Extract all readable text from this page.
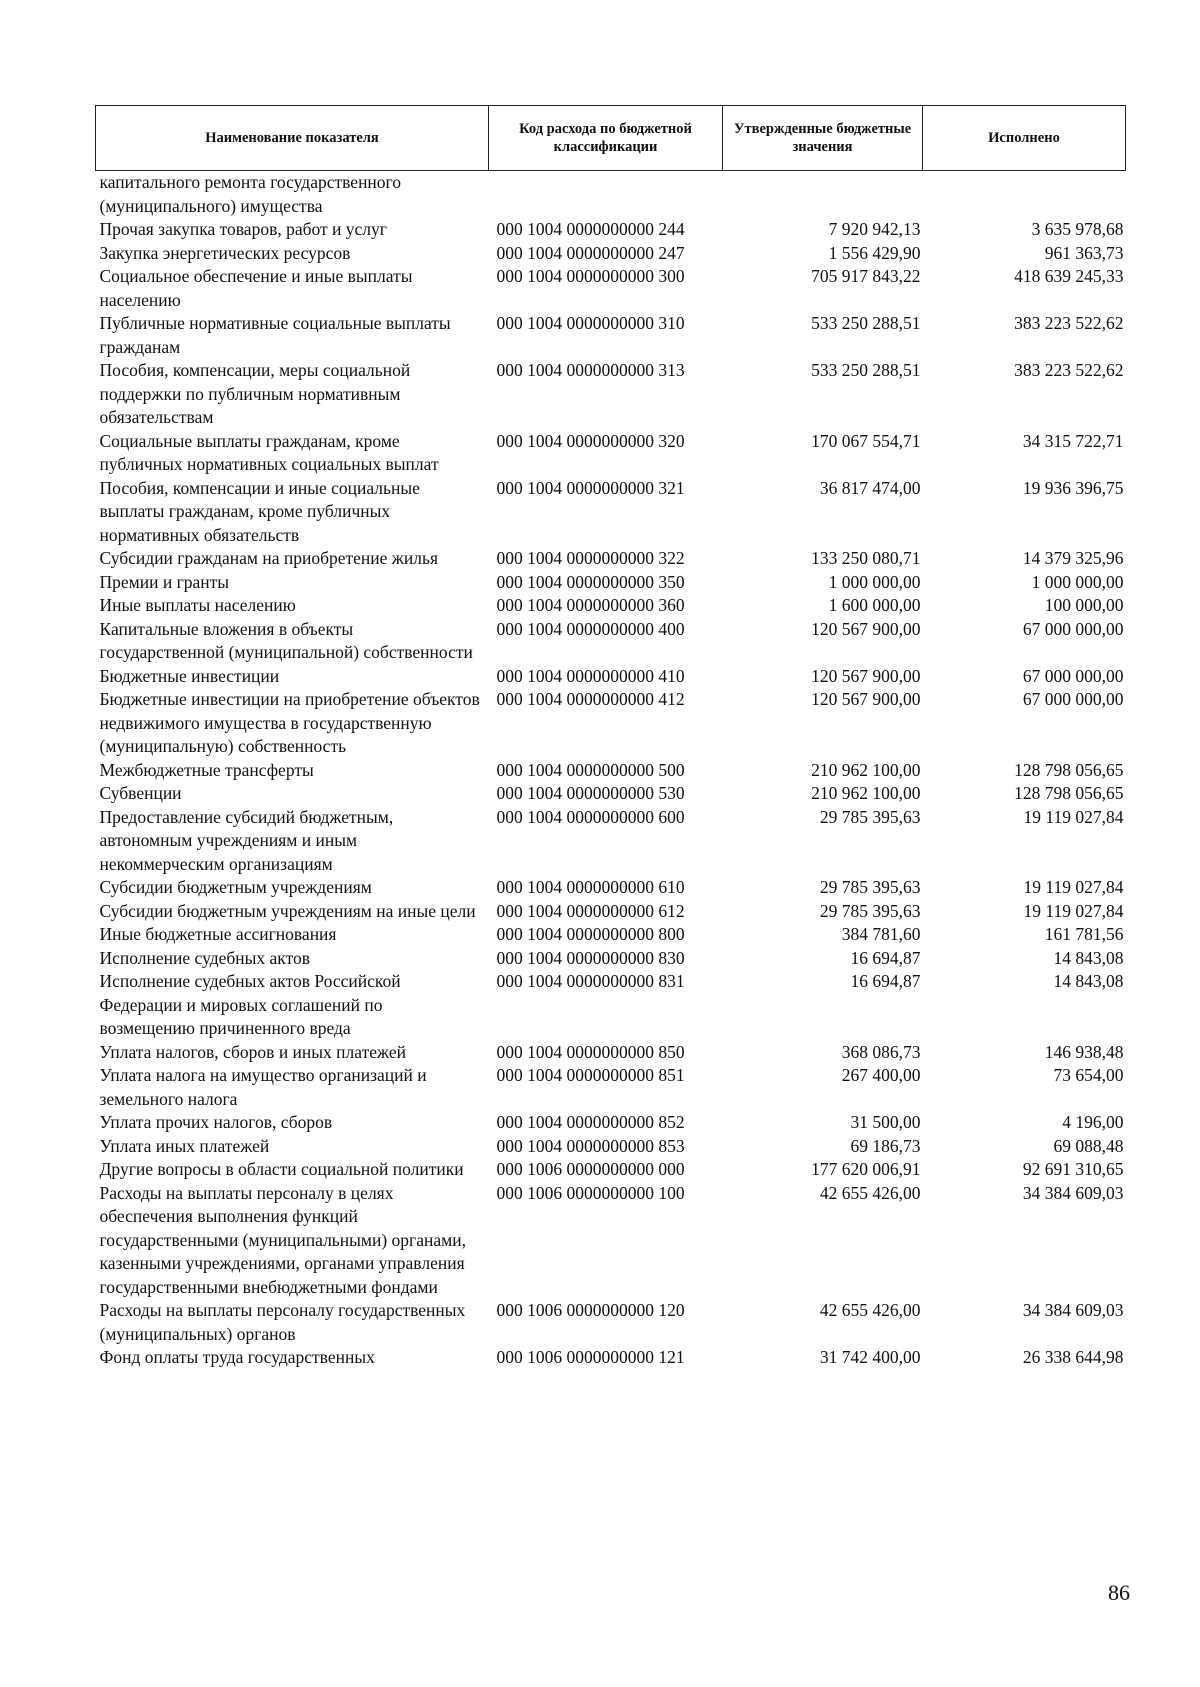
Наименование показателя	Код расхода по бюджетной классификации	Утвержденные бюджетные значения	Исполнено
капитального ремонта государственного (муниципального) имущества			
Прочая закупка товаров, работ и услуг	000 1004 0000000000 244	7 920 942,13	3 635 978,68
Закупка энергетических ресурсов	000 1004 0000000000 247	1 556 429,90	961 363,73
Социальное обеспечение и иные выплаты населению	000 1004 0000000000 300	705 917 843,22	418 639 245,33
Публичные нормативные социальные выплаты гражданам	000 1004 0000000000 310	533 250 288,51	383 223 522,62
Пособия, компенсации, меры социальной поддержки по публичным нормативным обязательствам	000 1004 0000000000 313	533 250 288,51	383 223 522,62
Социальные выплаты гражданам, кроме публичных нормативных социальных выплат	000 1004 0000000000 320	170 067 554,71	34 315 722,71
Пособия, компенсации и иные социальные выплаты гражданам, кроме публичных нормативных обязательств	000 1004 0000000000 321	36 817 474,00	19 936 396,75
Субсидии гражданам на приобретение жилья	000 1004 0000000000 322	133 250 080,71	14 379 325,96
Премии и гранты	000 1004 0000000000 350	1 000 000,00	1 000 000,00
Иные выплаты населению	000 1004 0000000000 360	1 600 000,00	100 000,00
Капитальные вложения в объекты государственной (муниципальной) собственности	000 1004 0000000000 400	120 567 900,00	67 000 000,00
Бюджетные инвестиции	000 1004 0000000000 410	120 567 900,00	67 000 000,00
Бюджетные инвестиции на приобретение объектов недвижимого имущества в государственную (муниципальную) собственность	000 1004 0000000000 412	120 567 900,00	67 000 000,00
Межбюджетные трансферты	000 1004 0000000000 500	210 962 100,00	128 798 056,65
Субвенции	000 1004 0000000000 530	210 962 100,00	128 798 056,65
Предоставление субсидий бюджетным, автономным учреждениям и иным некоммерческим организациям	000 1004 0000000000 600	29 785 395,63	19 119 027,84
Субсидии бюджетным учреждениям	000 1004 0000000000 610	29 785 395,63	19 119 027,84
Субсидии бюджетным учреждениям на иные цели	000 1004 0000000000 612	29 785 395,63	19 119 027,84
Иные бюджетные ассигнования	000 1004 0000000000 800	384 781,60	161 781,56
Исполнение судебных актов	000 1004 0000000000 830	16 694,87	14 843,08
Исполнение судебных актов Российской Федерации и мировых соглашений по возмещению причиненного вреда	000 1004 0000000000 831	16 694,87	14 843,08
Уплата налогов, сборов и иных платежей	000 1004 0000000000 850	368 086,73	146 938,48
Уплата налога на имущество организаций и земельного налога	000 1004 0000000000 851	267 400,00	73 654,00
Уплата прочих налогов, сборов	000 1004 0000000000 852	31 500,00	4 196,00
Уплата иных платежей	000 1004 0000000000 853	69 186,73	69 088,48
Другие вопросы в области социальной политики	000 1006 0000000000 000	177 620 006,91	92 691 310,65
Расходы на выплаты персоналу в целях обеспечения выполнения функций государственными (муниципальными) органами, казенными учреждениями, органами управления государственными внебюджетными фондами	000 1006 0000000000 100	42 655 426,00	34 384 609,03
Расходы на выплаты персоналу государственных (муниципальных) органов	000 1006 0000000000 120	42 655 426,00	34 384 609,03
Фонд оплаты труда государственных	000 1006 0000000000 121	31 742 400,00	26 338 644,98
86
